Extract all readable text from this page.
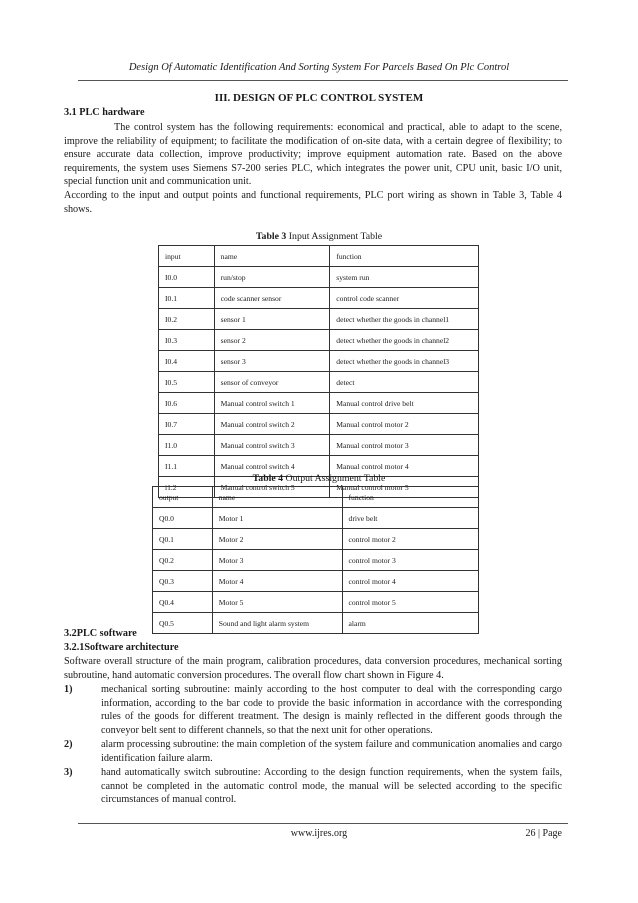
Design Of Automatic Identification And Sorting System For Parcels Based On Plc Control
III. DESIGN OF PLC CONTROL SYSTEM
3.1 PLC hardware
The control system has the following requirements: economical and practical, able to adapt to the scene, improve the reliability of equipment; to facilitate the modification of on-site data, with a certain degree of flexibility; to ensure accurate data collection, improve productivity; improve equipment automation rate. Based on the above requirements, the system uses Siemens S7-200 series PLC, which integrates the power unit, CPU unit, basic I/O unit, special function unit and communication unit.
According to the input and output points and functional requirements, PLC port wiring as shown in Table 3, Table 4 shows.
Table 3 Input Assignment Table
input	name	function
I0.0	run/stop	system run
I0.1	code scanner sensor	control code scanner
I0.2	sensor 1	detect whether the goods in channel1
I0.3	sensor 2	detect whether the goods in channel2
I0.4	sensor 3	detect whether the goods in channel3
I0.5	sensor of conveyor	detect
I0.6	Manual control switch 1	Manual control drive belt
I0.7	Manual control switch 2	Manual control motor 2
I1.0	Manual control switch 3	Manual control motor 3
I1.1	Manual control switch 4	Manual control motor 4
i1.2	Manual control switch 5	Manual control motor 5
Table 4 Output Assignment Table
output	name	function
Q0.0	Motor 1	drive belt
Q0.1	Motor 2	control motor 2
Q0.2	Motor 3	control motor 3
Q0.3	Motor 4	control motor 4
Q0.4	Motor 5	control motor 5
Q0.5	Sound and light alarm system	alarm
3.2PLC software
3.2.1Software architecture
Software overall structure of the main program, calibration procedures, data conversion procedures, mechanical sorting subroutine, hand automatic conversion procedures. The overall flow chart shown in Figure 4.
1)	mechanical sorting subroutine: mainly according to the host computer to deal with the corresponding cargo information, according to the bar code to provide the basic information in accordance with the corresponding rules of the goods for different treatment. The design is mainly reflected in the different goods through the conveyor belt sent to different channels, so that the next unit for other operations.
2)	alarm processing subroutine: the main completion of the system failure and communication anomalies and cargo identification failure alarm.
3)	hand automatically switch subroutine: According to the design function requirements, when the system fails, cannot be completed in the automatic control mode, the manual will be selected according to the specific circumstances of manual control.
www.ijres.org	26 | Page
